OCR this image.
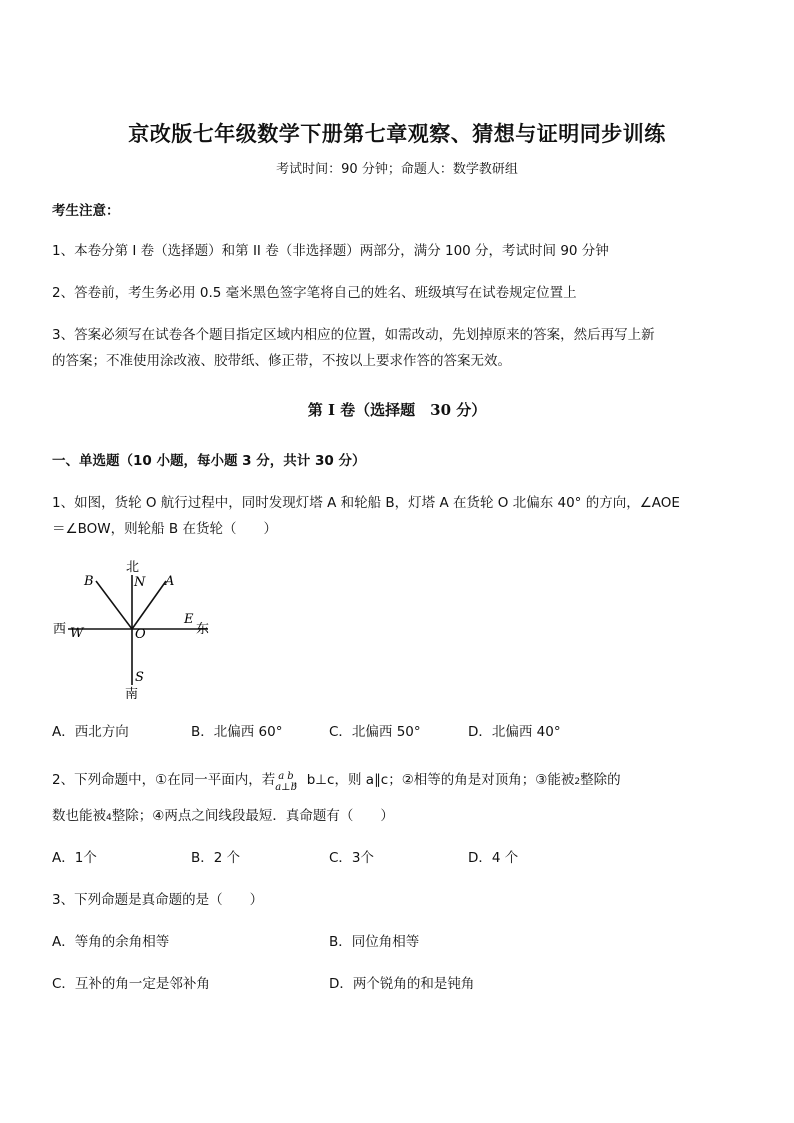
京改版七年级数学下册第七章观察、猜想与证明同步训练
考试时间：90 分钟；命题人：数学教研组
考生注意：
1、本卷分第 I 卷（选择题）和第 II 卷（非选择题）两部分，满分 100 分，考试时间 90 分钟
2、答卷前，考生务必用 0.5 毫米黑色签字笔将自己的姓名、班级填写在试卷规定位置上
3、答案必须写在试卷各个题目指定区域内相应的位置，如需改动，先划掉原来的答案，然后再写上新
的答案；不准使用涂改液、胶带纸、修正带，不按以上要求作答的答案无效。
第 I 卷（选择题　30 分）
一、单选题（10 小题，每小题 3 分，共计 30 分）
1、如图，货轮 O 航行过程中，同时发现灯塔 A 和轮船 B，灯塔 A 在货轮 O 北偏东 40° 的方向，∠AOE
＝∠BOW，则轮船 B 在货轮（　　）
北
N A
B
西 W	O
E
东
S
南
A．西北方向	B．北偏西 60°	C．北偏西 50°	D．北偏西 40°
2、下列命题中，①在同一平面内，若 a b
a⊥b
，b⊥c，则 a∥c；②相等的角是对顶角；③能被2整除的
数也能被4整除；④两点之间线段最短．真命题有（　　）
A．1个	B．2 个	C．3个	D．4 个
3、下列命题是真命题的是（　　）
A．等角的余角相等	B．同位角相等
C．互补的角一定是邻补角	D．两个锐角的和是钝角
